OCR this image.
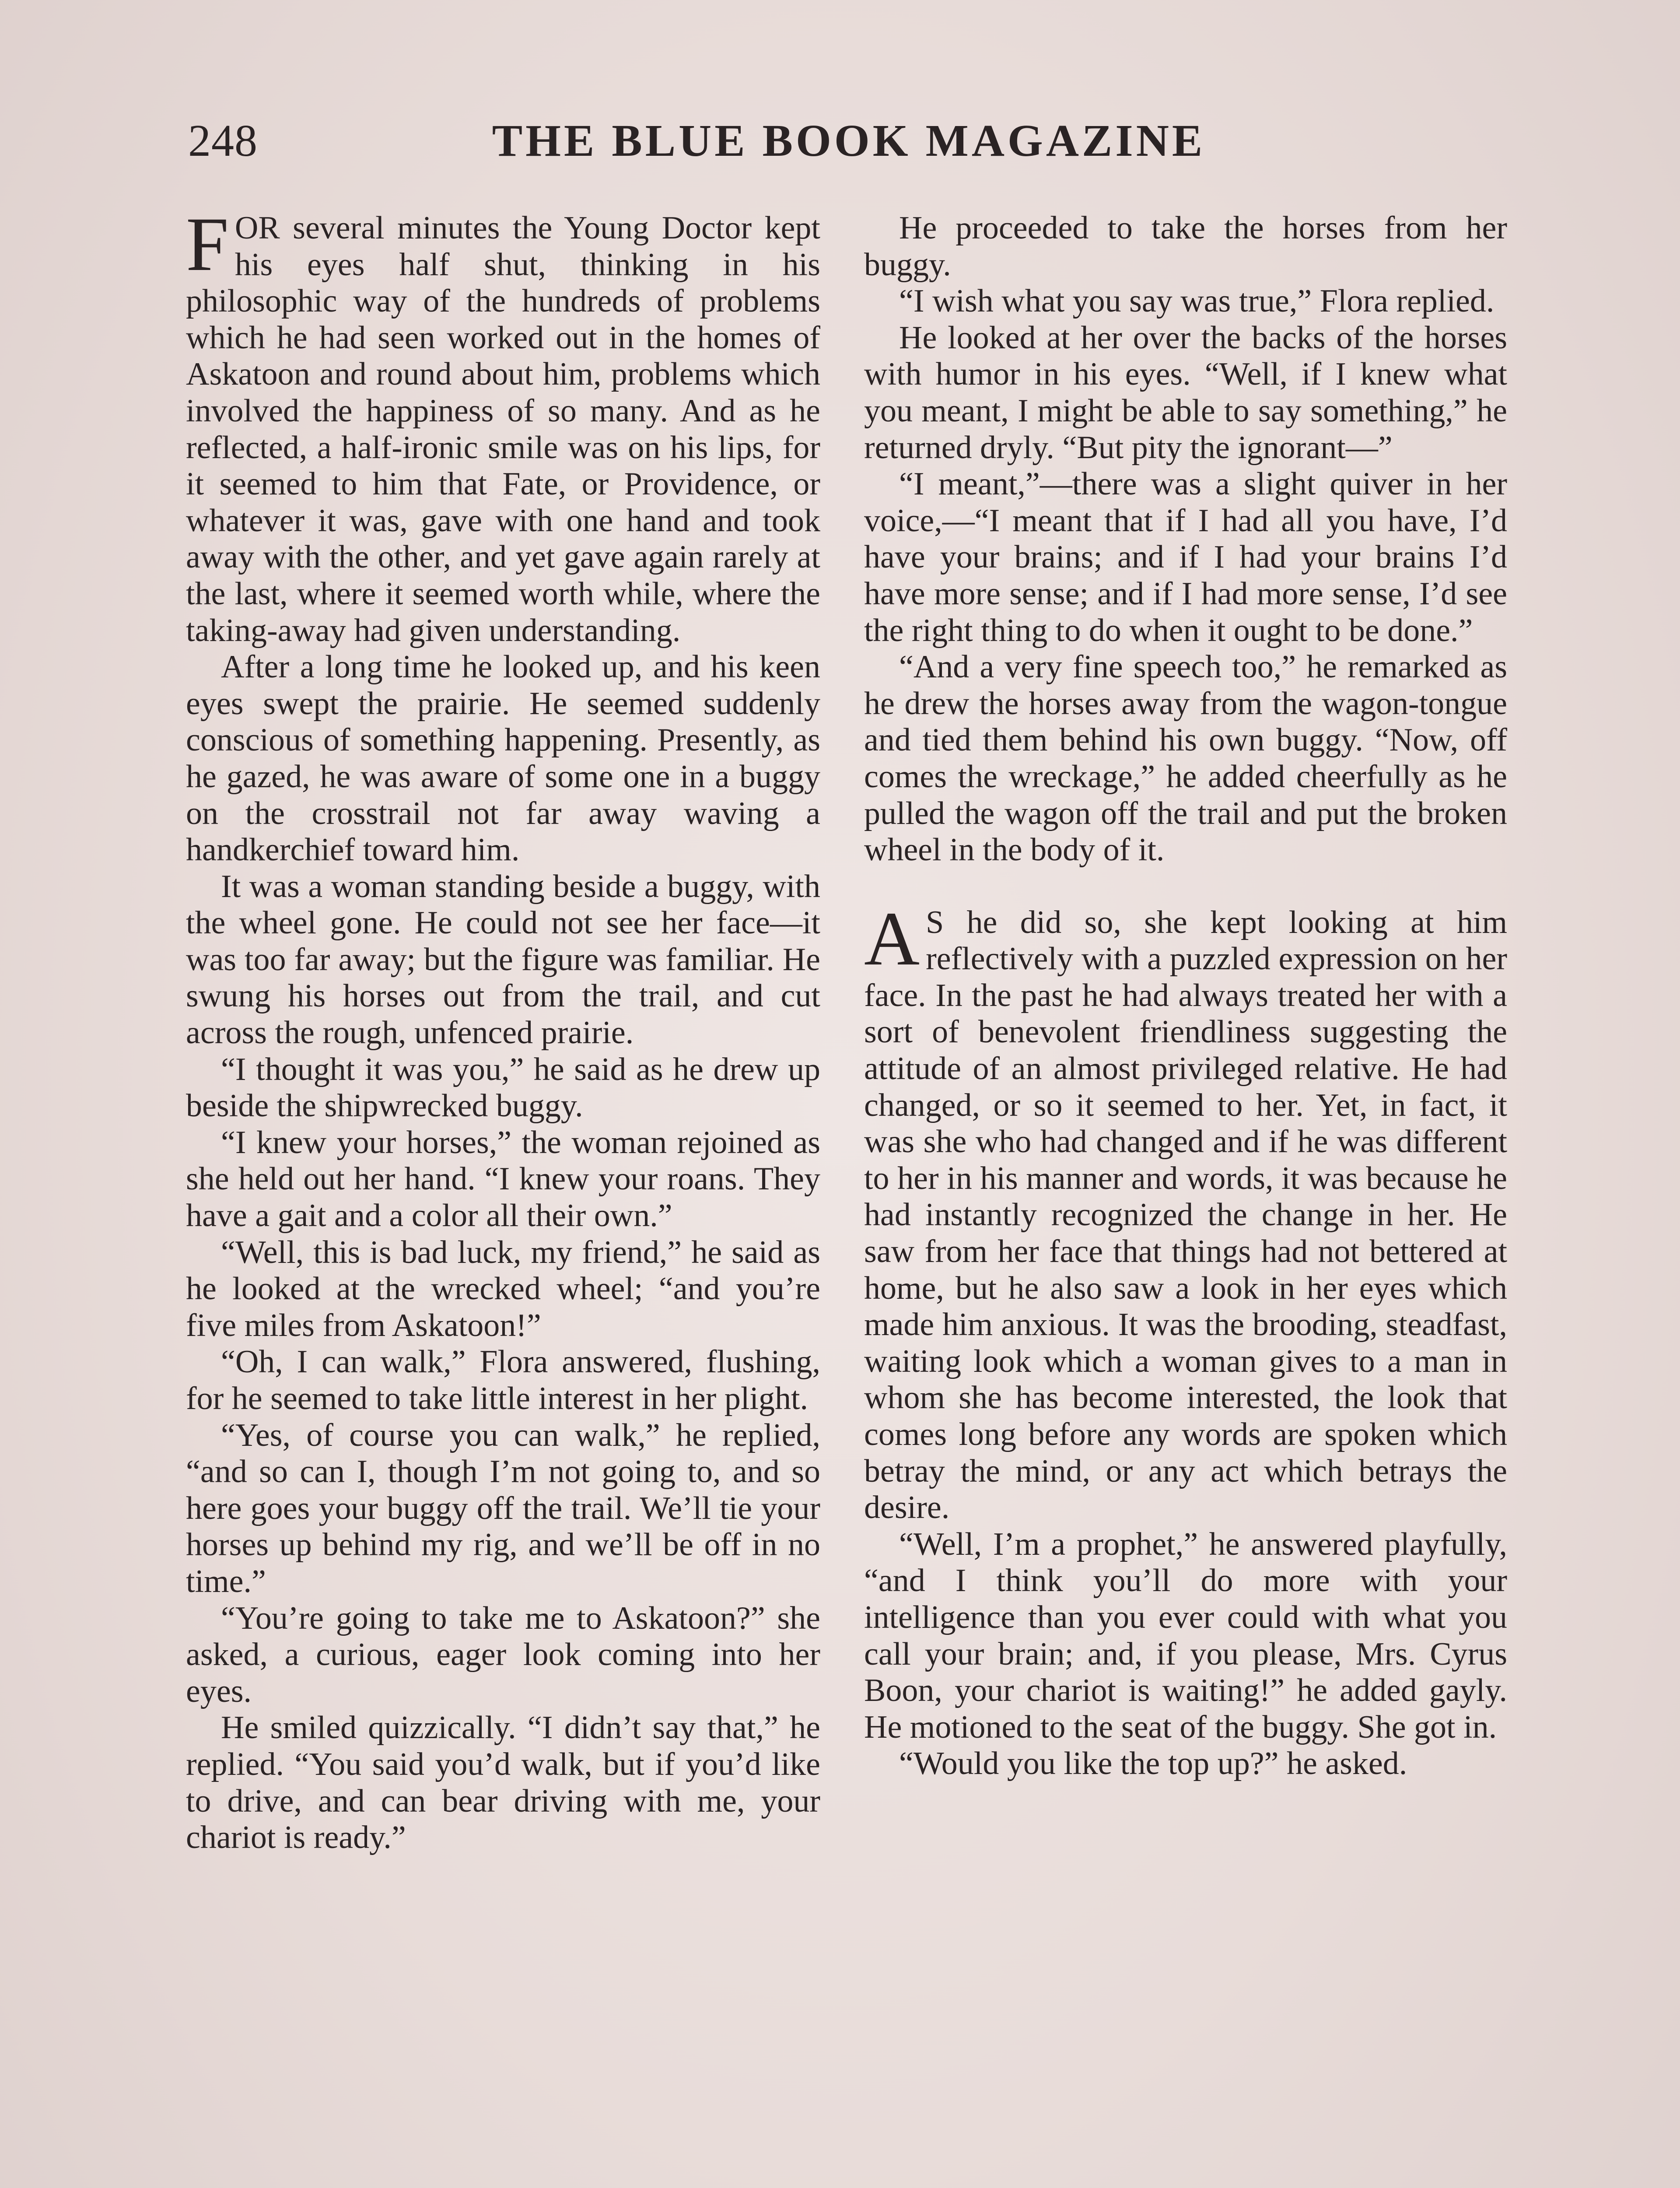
248	THE BLUE BOOK MAGAZINE

FOR several minutes the Young Doctor kept his eyes half shut, thinking in his philosophic way of the hundreds of problems which he had seen worked out in the homes of Askatoon and round about him, problems which involved the happiness of so many. And as he reflected, a half-ironic smile was on his lips, for it seemed to him that Fate, or Providence, or whatever it was, gave with one hand and took away with the other, and yet gave again rarely at the last, where it seemed worth while, where the taking-away had given understanding.

After a long time he looked up, and his keen eyes swept the prairie. He seemed suddenly conscious of something happening. Presently, as he gazed, he was aware of some one in a buggy on the crosstrail not far away waving a handkerchief toward him.

It was a woman standing beside a buggy, with the wheel gone. He could not see her face—it was too far away; but the figure was familiar. He swung his horses out from the trail, and cut across the rough, unfenced prairie.

“I thought it was you,” he said as he drew up beside the shipwrecked buggy.

“I knew your horses,” the woman rejoined as she held out her hand. “I knew your roans. They have a gait and a color all their own.”

“Well, this is bad luck, my friend,” he said as he looked at the wrecked wheel; “and you’re five miles from Askatoon!”

“Oh, I can walk,” Flora answered, flushing, for he seemed to take little interest in her plight.

“Yes, of course you can walk,” he replied, “and so can I, though I’m not going to, and so here goes your buggy off the trail. We’ll tie your horses up behind my rig, and we’ll be off in no time.”

“You’re going to take me to Askatoon?” she asked, a curious, eager look coming into her eyes.

He smiled quizzically. “I didn’t say that,” he replied. “You said you’d walk, but if you’d like to drive, and can bear driving with me, your chariot is ready.”

He proceeded to take the horses from her buggy.

“I wish what you say was true,” Flora replied.

He looked at her over the backs of the horses with humor in his eyes. “Well, if I knew what you meant, I might be able to say something,” he returned dryly. “But pity the ignorant—”

“I meant,”—there was a slight quiver in her voice,—“I meant that if I had all you have, I’d have your brains; and if I had your brains I’d have more sense; and if I had more sense, I’d see the right thing to do when it ought to be done.”

“And a very fine speech too,” he remarked as he drew the horses away from the wagon-tongue and tied them behind his own buggy. “Now, off comes the wreckage,” he added cheerfully as he pulled the wagon off the trail and put the broken wheel in the body of it.

A S he did so, she kept looking at him reflectively with a puzzled expression on her face. In the past he had always treated her with a sort of benevolent friendliness suggesting the attitude of an almost privileged relative. He had changed, or so it seemed to her. Yet, in fact, it was she who had changed and if he was different to her in his manner and words, it was because he had instantly recognized the change in her. He saw from her face that things had not bettered at home, but he also saw a look in her eyes which made him anxious. It was the brooding, steadfast, waiting look which a woman gives to a man in whom she has become interested, the look that comes long before any words are spoken which betray the mind, or any act which betrays the desire.

“Well, I’m a prophet,” he answered playfully, “and I think you’ll do more with your intelligence than you ever could with what you call your brain; and, if you please, Mrs. Cyrus Boon, your chariot is waiting!” he added gayly. He motioned to the seat of the buggy. She got in.

“Would you like the top up?” he asked.
